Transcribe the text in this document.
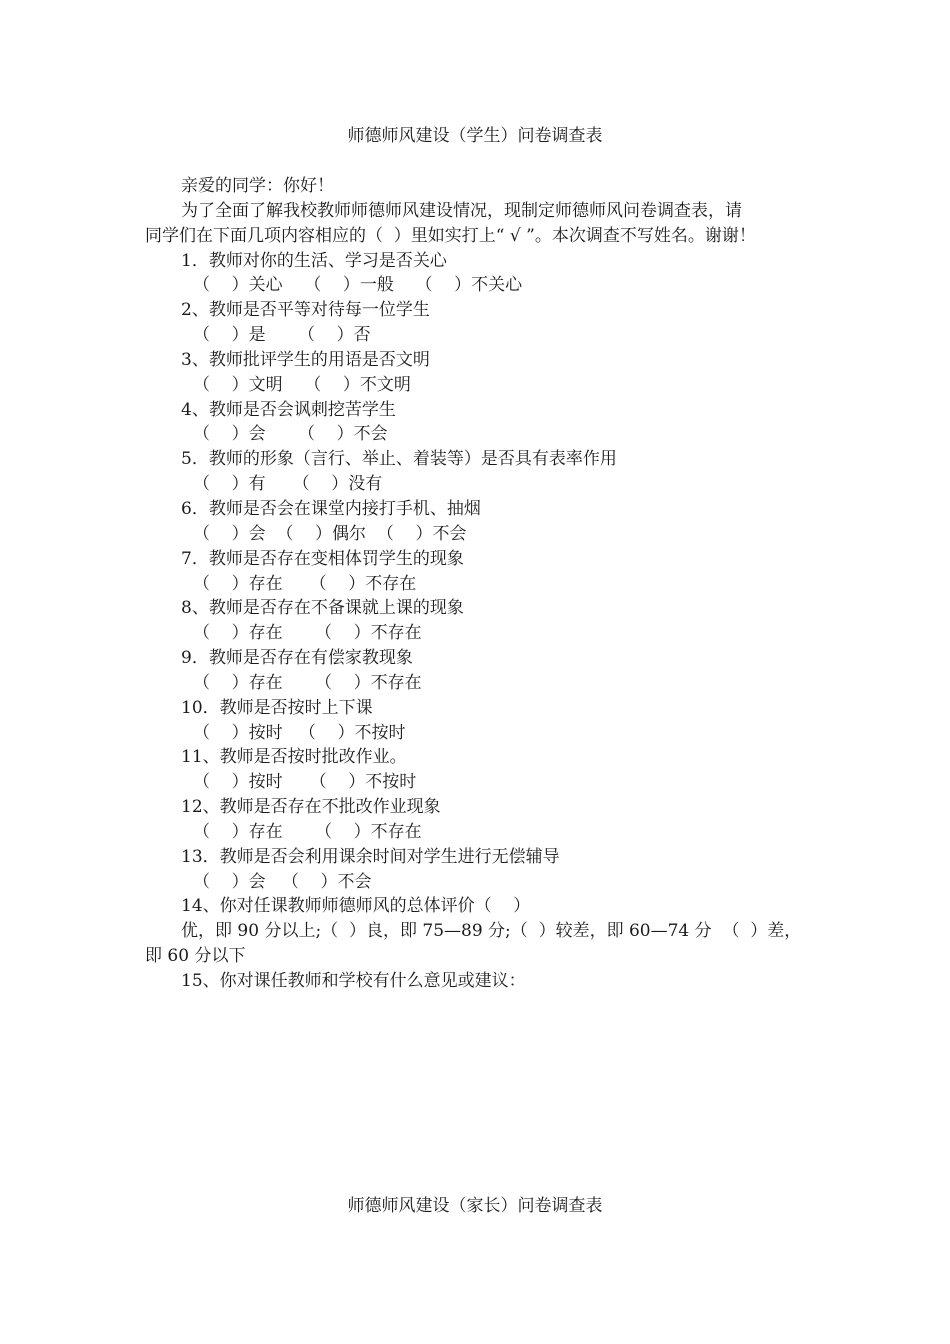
师德师风建设（学生）问卷调查表

亲爱的同学：你好！

为了全面了解我校教师师德师风建设情况，现制定师德师风问卷调查表，请

同学们在下面几项内容相应的（  ）里如实打上“ √ ”。本次调查不写姓名。谢谢！

1．教师对你的生活、学习是否关心

（    ）关心    （    ）一般    （    ）不关心

2、教师是否平等对待每一位学生

（    ）是      （    ）否

3、教师批评学生的用语是否文明

（    ）文明    （    ）不文明

4、教师是否会讽刺挖苦学生

（    ）会      （    ）不会

5．教师的形象（言行、举止、着装等）是否具有表率作用

（    ）有     （    ）没有

6．教师是否会在课堂内接打手机、抽烟

（    ）会  （    ）偶尔  （    ）不会

7．教师是否存在变相体罚学生的现象

（    ）存在     （    ）不存在

8、教师是否存在不备课就上课的现象

（    ）存在      （    ）不存在

9．教师是否存在有偿家教现象

（    ）存在      （    ）不存在

10．教师是否按时上下课

（    ）按时   （    ）不按时

11、教师是否按时批改作业。

（    ）按时     （    ）不按时

12、教师是否存在不批改作业现象

（    ）存在      （    ）不存在

13．教师是否会利用课余时间对学生进行无偿辅导

（    ）会   （    ）不会

14、你对任课教师师德师风的总体评价（    ）

优，即 90 分以上;（  ）良，即 75—89 分;（  ）较差，即 60—74 分  （  ）差，

即 60 分以下

15、你对课任教师和学校有什么意见或建议：

师德师风建设（家长）问卷调查表
